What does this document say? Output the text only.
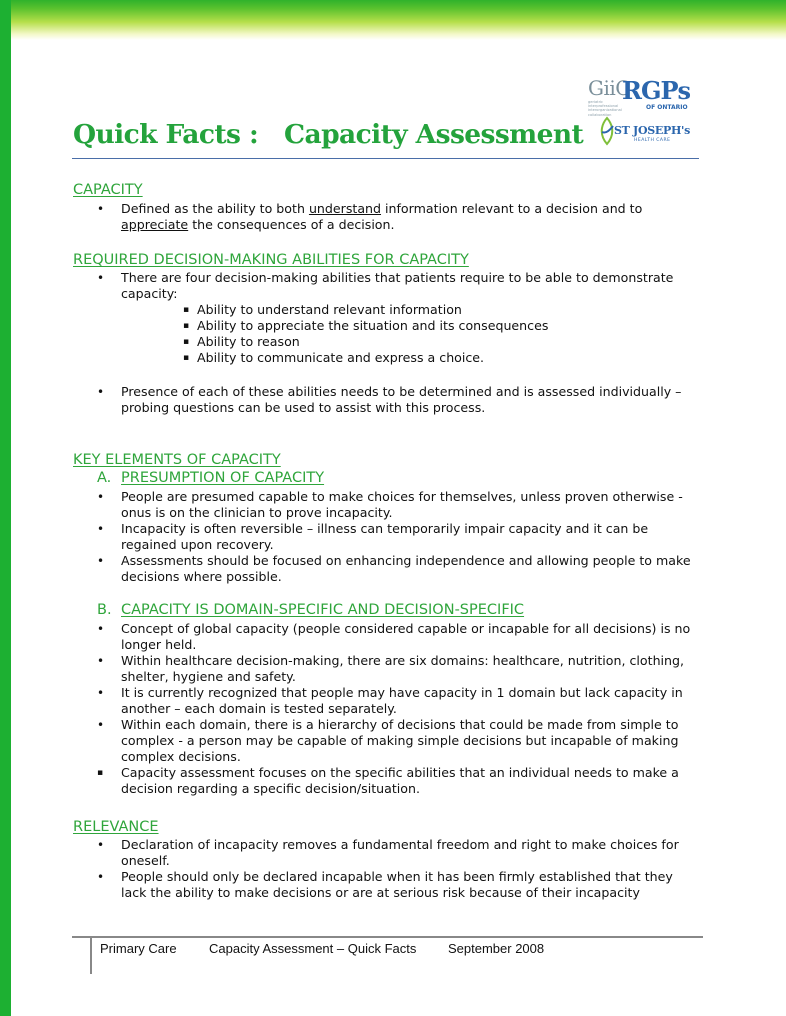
GiiC
geriatric interprofessional interorganizational collaboration
RGPs
OF ONTARIO
ST JOSEPH's
HEALTH CARE
Quick Facts :   Capacity Assessment
CAPACITY
• Defined as the ability to both understand information relevant to a decision and to appreciate the consequences of a decision.
REQUIRED DECISION-MAKING ABILITIES FOR CAPACITY
• There are four decision-making abilities that patients require to be able to demonstrate capacity:
▪ Ability to understand relevant information
▪ Ability to appreciate the situation and its consequences
▪ Ability to reason
▪ Ability to communicate and express a choice.
• Presence of each of these abilities needs to be determined and is assessed individually – probing questions can be used to assist with this process.
KEY ELEMENTS OF CAPACITY
A. PRESUMPTION OF CAPACITY
• People are presumed capable to make choices for themselves, unless proven otherwise - onus is on the clinician to prove incapacity.
• Incapacity is often reversible – illness can temporarily impair capacity and it can be regained upon recovery.
• Assessments should be focused on enhancing independence and allowing people to make decisions where possible.
B. CAPACITY IS DOMAIN-SPECIFIC AND DECISION-SPECIFIC
• Concept of global capacity (people considered capable or incapable for all decisions) is no longer held.
• Within healthcare decision-making, there are six domains: healthcare, nutrition, clothing, shelter, hygiene and safety.
• It is currently recognized that people may have capacity in 1 domain but lack capacity in another – each domain is tested separately.
• Within each domain, there is a hierarchy of decisions that could be made from simple to complex - a person may be capable of making simple decisions but incapable of making complex decisions.
▪ Capacity assessment focuses on the specific abilities that an individual needs to make a decision regarding a specific decision/situation.
RELEVANCE
• Declaration of incapacity removes a fundamental freedom and right to make choices for oneself.
• People should only be declared incapable when it has been firmly established that they lack the ability to make decisions or are at serious risk because of their incapacity
Primary Care Capacity Assessment – Quick Facts September 2008
